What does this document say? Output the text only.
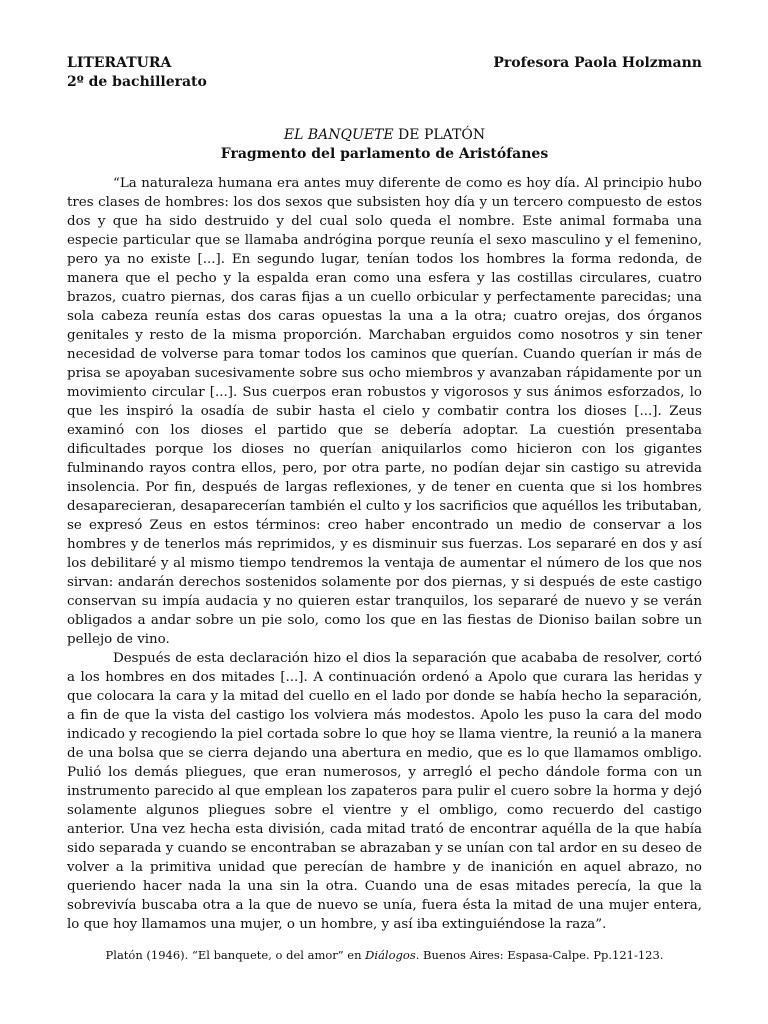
LITERATURA
2º de bachillerato
Profesora Paola Holzmann
EL BANQUETE DE PLATÓN
Fragmento del parlamento de Aristófanes

“La naturaleza humana era antes muy diferente de como es hoy día. Al principio hubo tres clases de hombres: los dos sexos que subsisten hoy día y un tercero compuesto de estos dos y que ha sido destruido y del cual solo queda el nombre. Este animal formaba una especie particular que se llamaba andrógina porque reunía el sexo masculino y el femenino, pero ya no existe [...]. En segundo lugar, tenían todos los hombres la forma redonda, de manera que el pecho y la espalda eran como una esfera y las costillas circulares, cuatro brazos, cuatro piernas, dos caras fijas a un cuello orbicular y perfectamente parecidas; una sola cabeza reunía estas dos caras opuestas la una a la otra; cuatro orejas, dos órganos genitales y resto de la misma proporción. Marchaban erguidos como nosotros y sin tener necesidad de volverse para tomar todos los caminos que querían. Cuando querían ir más de prisa se apoyaban sucesivamente sobre sus ocho miembros y avanzaban rápidamente por un movimiento circular [...]. Sus cuerpos eran robustos y vigorosos y sus ánimos esforzados, lo que les inspiró la osadía de subir hasta el cielo y combatir contra los dioses [...]. Zeus examinó con los dioses el partido que se debería adoptar. La cuestión presentaba dificultades porque los dioses no querían aniquilarlos como hicieron con los gigantes fulminando rayos contra ellos, pero, por otra parte, no podían dejar sin castigo su atrevida insolencia. Por fin, después de largas reflexiones, y de tener en cuenta que si los hombres desaparecieran, desaparecerían también el culto y los sacrificios que aquéllos les tributaban, se expresó Zeus en estos términos: creo haber encontrado un medio de conservar a los hombres y de tenerlos más reprimidos, y es disminuir sus fuerzas. Los separaré en dos y así los debilitaré y al mismo tiempo tendremos la ventaja de aumentar el número de los que nos sirvan: andarán derechos sostenidos solamente por dos piernas, y si después de este castigo conservan su impía audacia y no quieren estar tranquilos, los separaré de nuevo y se verán obligados a andar sobre un pie solo, como los que en las fiestas de Dioniso bailan sobre un pellejo de vino.

Después de esta declaración hizo el dios la separación que acababa de resolver, cortó a los hombres en dos mitades [...]. A continuación ordenó a Apolo que curara las heridas y que colocara la cara y la mitad del cuello en el lado por donde se había hecho la separación, a fin de que la vista del castigo los volviera más modestos. Apolo les puso la cara del modo indicado y recogiendo la piel cortada sobre lo que hoy se llama vientre, la reunió a la manera de una bolsa que se cierra dejando una abertura en medio, que es lo que llamamos ombligo. Pulió los demás pliegues, que eran numerosos, y arregló el pecho dándole forma con un instrumento parecido al que emplean los zapateros para pulir el cuero sobre la horma y dejó solamente algunos pliegues sobre el vientre y el ombligo, como recuerdo del castigo anterior. Una vez hecha esta división, cada mitad trató de encontrar aquélla de la que había sido separada y cuando se encontraban se abrazaban y se unían con tal ardor en su deseo de volver a la primitiva unidad que perecían de hambre y de inanición en aquel abrazo, no queriendo hacer nada la una sin la otra. Cuando una de esas mitades perecía, la que la sobrevivía buscaba otra a la que de nuevo se unía, fuera ésta la mitad de una mujer entera, lo que hoy llamamos una mujer, o un hombre, y así iba extinguiéndose la raza”.

Platón (1946). “El banquete, o del amor” en Diálogos. Buenos Aires: Espasa-Calpe. Pp.121-123.
